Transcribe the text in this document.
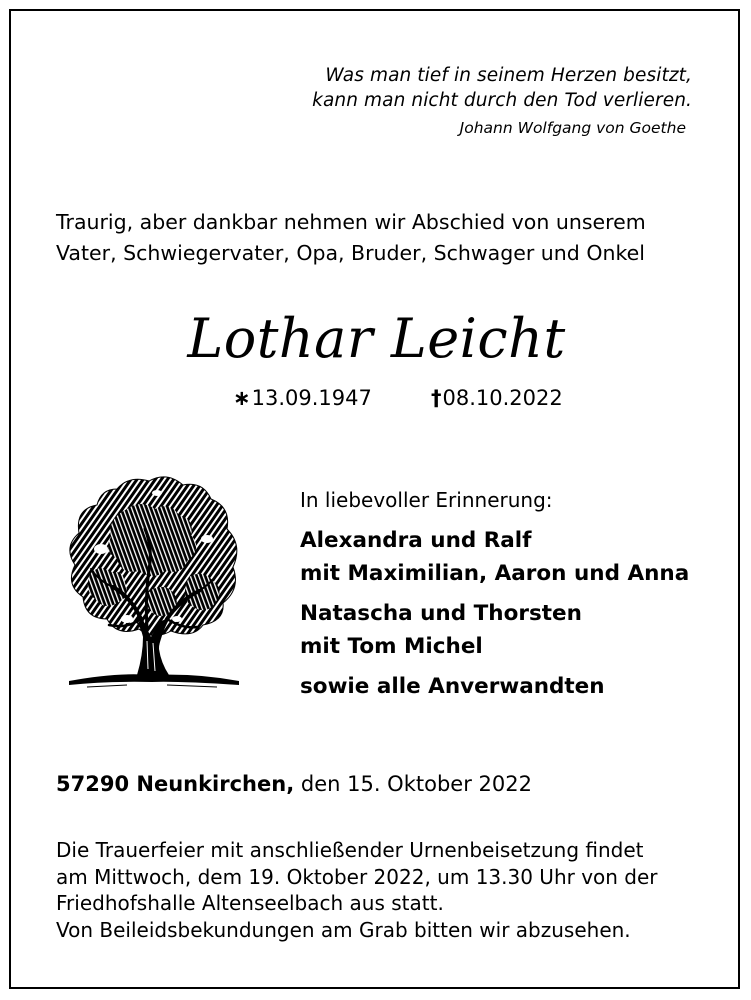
Was man tief in seinem Herzen besitzt,
kann man nicht durch den Tod verlieren.
Johann Wolfgang von Goethe
Traurig, aber dankbar nehmen wir Abschied von unserem
Vater, Schwiegervater, Opa, Bruder, Schwager und Onkel
Lothar Leicht
∗13.09.1947	†08.10.2022
In liebevoller Erinnerung:
Alexandra und Ralf
mit Maximilian, Aaron und Anna
Natascha und Thorsten
mit Tom Michel
sowie alle Anverwandten
57290 Neunkirchen, den 15. Oktober 2022
Die Trauerfeier mit anschließender Urnenbeisetzung findet
am Mittwoch, dem 19. Oktober 2022, um 13.30 Uhr von der
Friedhofshalle Altenseelbach aus statt.
Von Beileidsbekundungen am Grab bitten wir abzusehen.
